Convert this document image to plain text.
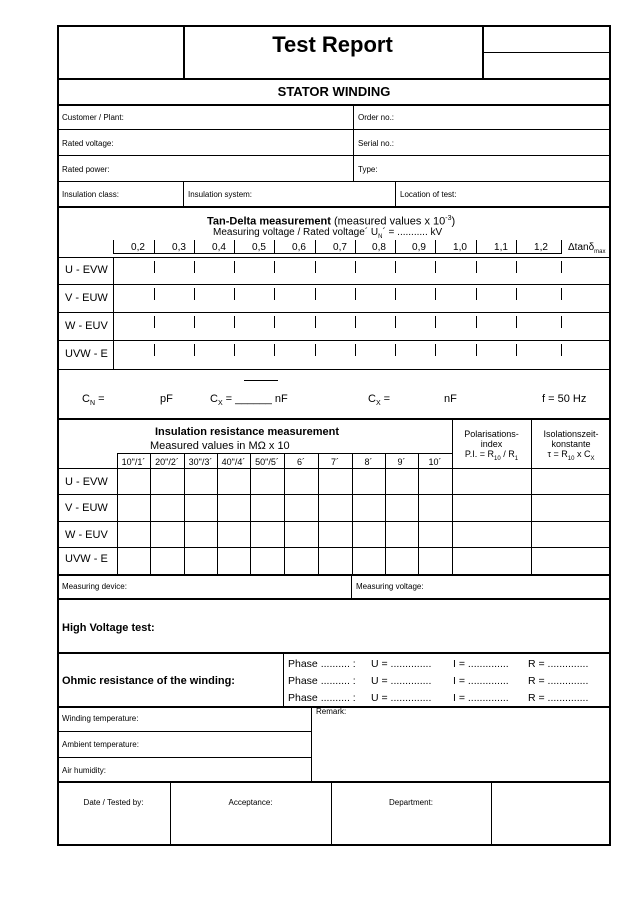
Test Report
STATOR WINDING
Customer / Plant:	Order no.:
Rated voltage:	Serial no.:
Rated power:	Type:
Insulation class:	Insulation system:	Location of test:
Tan-Delta measurement (measured values x $10^{-3}$)
Measuring voltage / Rated voltage´ $U_N´$ = ........... kV
0,2	0,3	0,4	0,5	0,6	0,7	0,8	0,9	1,0	1,1	1,2	Δtanδ$_{max}$
U - EVW
V - EUW
W - EUV
UVW - E
$C_N$ =	pF	$C_X$ = ______ nF	$C_X$ =	nF	f = 50 Hz
Insulation resistance measurement
Measured values in MΩ x 10
10"/1´	20"/2´	30"/3´	40"/4´	50"/5´	6´	7´	8´	9´	10´
Polarisations-
index
P.I. = $R_{10} / R_1$
Isolationszeit-
konstante
$\tau = R_{10}$ x $C_X$
U - EVW
V - EUW
W - EUV
UVW - E
Measuring device:	Measuring voltage:
High Voltage test:
Ohmic resistance of the winding:
Phase .......... : U = .............. I = .............. R = ..............
Phase .......... : U = .............. I = .............. R = ..............
Phase .......... : U = .............. I = .............. R = ..............
Winding temperature:
Ambient temperature:
Air humidity:
Remark:
Date / Tested by:	Acceptance:	Department:
